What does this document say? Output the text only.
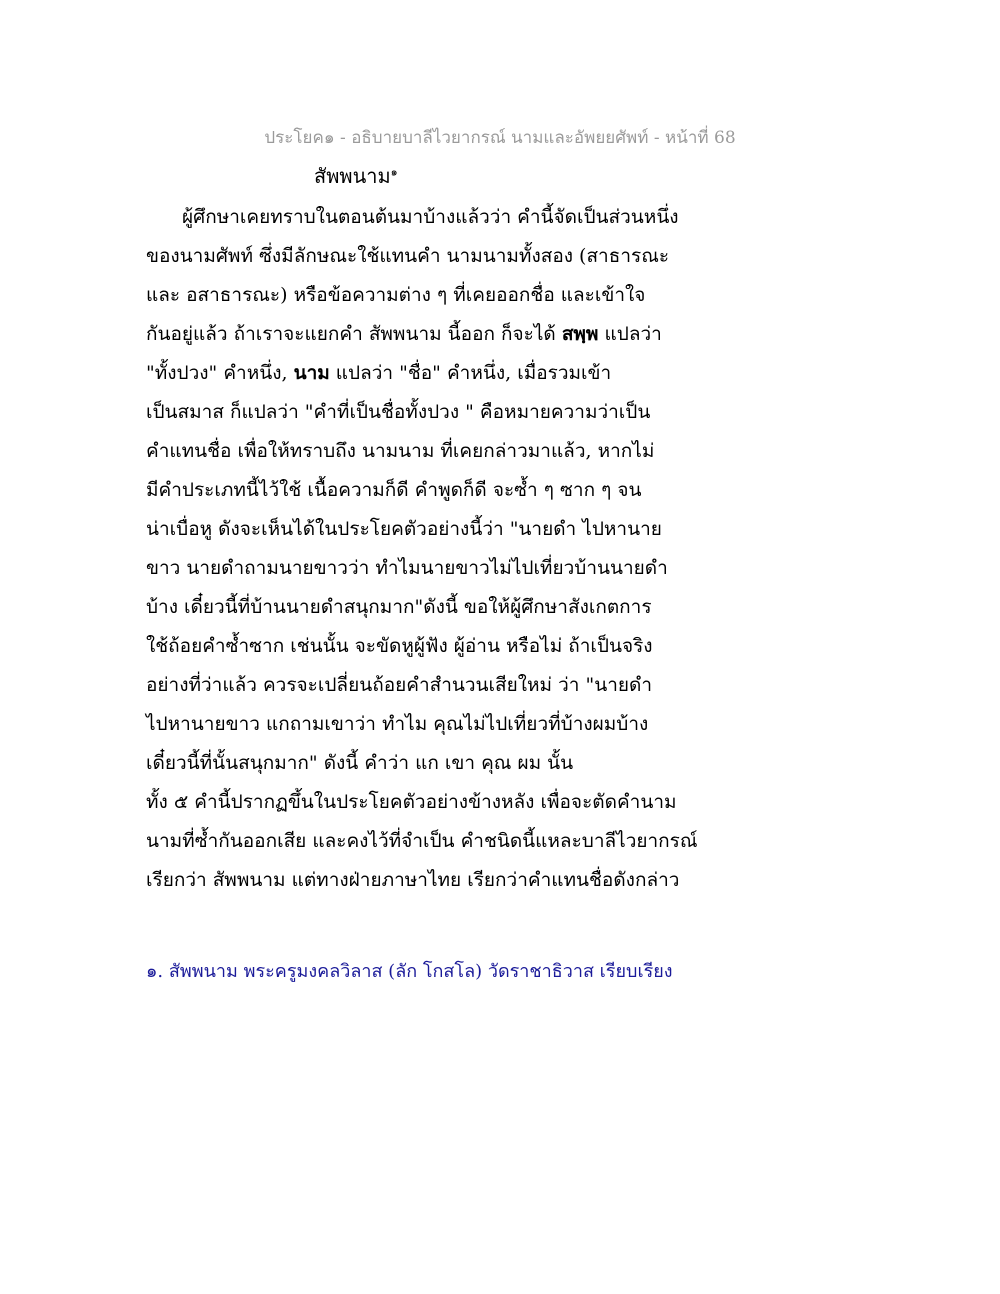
ประโยค๑ - อธิบายบาลีไวยากรณ์ นามและอัพยยศัพท์ - หน้าที่ 68
สัพพนาม$^๑$
ผู้ศึกษาเคยทราบในตอนต้นมาบ้างแล้วว่า คำนี้จัดเป็นส่วนหนึ่ง
ของนามศัพท์ ซึ่งมีลักษณะใช้แทนคำ นามนามทั้งสอง (สาธารณะ
และ อสาธารณะ) หรือข้อความต่าง ๆ ที่เคยออกชื่อ และเข้าใจ
กันอยู่แล้ว ถ้าเราจะแยกคำ สัพพนาม นี้ออก ก็จะได้ สพฺพ แปลว่า
"ทั้งปวง" คำหนึ่ง, นาม แปลว่า "ชื่อ" คำหนึ่ง, เมื่อรวมเข้า
เป็นสมาส ก็แปลว่า "คำที่เป็นชื่อทั้งปวง " คือหมายความว่าเป็น
คำแทนชื่อ เพื่อให้ทราบถึง นามนาม ที่เคยกล่าวมาแล้ว, หากไม่
มีคำประเภทนี้ไว้ใช้ เนื้อความก็ดี คำพูดก็ดี จะซ้ำ ๆ ซาก ๆ จน
น่าเบื่อหู ดังจะเห็นได้ในประโยคตัวอย่างนี้ว่า "นายดำ ไปหานาย
ขาว นายดำถามนายขาวว่า ทำไมนายขาวไม่ไปเที่ยวบ้านนายดำ
บ้าง เดี๋ยวนี้ที่บ้านนายดำสนุกมาก"ดังนี้ ขอให้ผู้ศึกษาสังเกตการ
ใช้ถ้อยคำซ้ำซาก เช่นนั้น จะขัดหูผู้ฟัง ผู้อ่าน หรือไม่ ถ้าเป็นจริง
อย่างที่ว่าแล้ว ควรจะเปลี่ยนถ้อยคำสำนวนเสียใหม่ ว่า "นายดำ
ไปหานายขาว แกถามเขาว่า ทำไม คุณไม่ไปเที่ยวที่บ้างผมบ้าง
เดี๋ยวนี้ที่นั้นสนุกมาก" ดังนี้ คำว่า แก เขา คุณ ผม นั้น
ทั้ง ๕ คำนี้ปรากฏขึ้นในประโยคตัวอย่างข้างหลัง เพื่อจะตัดคำนาม
นามที่ซ้ำกันออกเสีย และคงไว้ที่จำเป็น คำชนิดนี้แหละบาลีไวยากรณ์
เรียกว่า สัพพนาม แต่ทางฝ่ายภาษาไทย เรียกว่าคำแทนชื่อดังกล่าว
๑. สัพพนาม พระครูมงคลวิลาส (ลัก โกสโล) วัดราชาธิวาส เรียบเรียง
